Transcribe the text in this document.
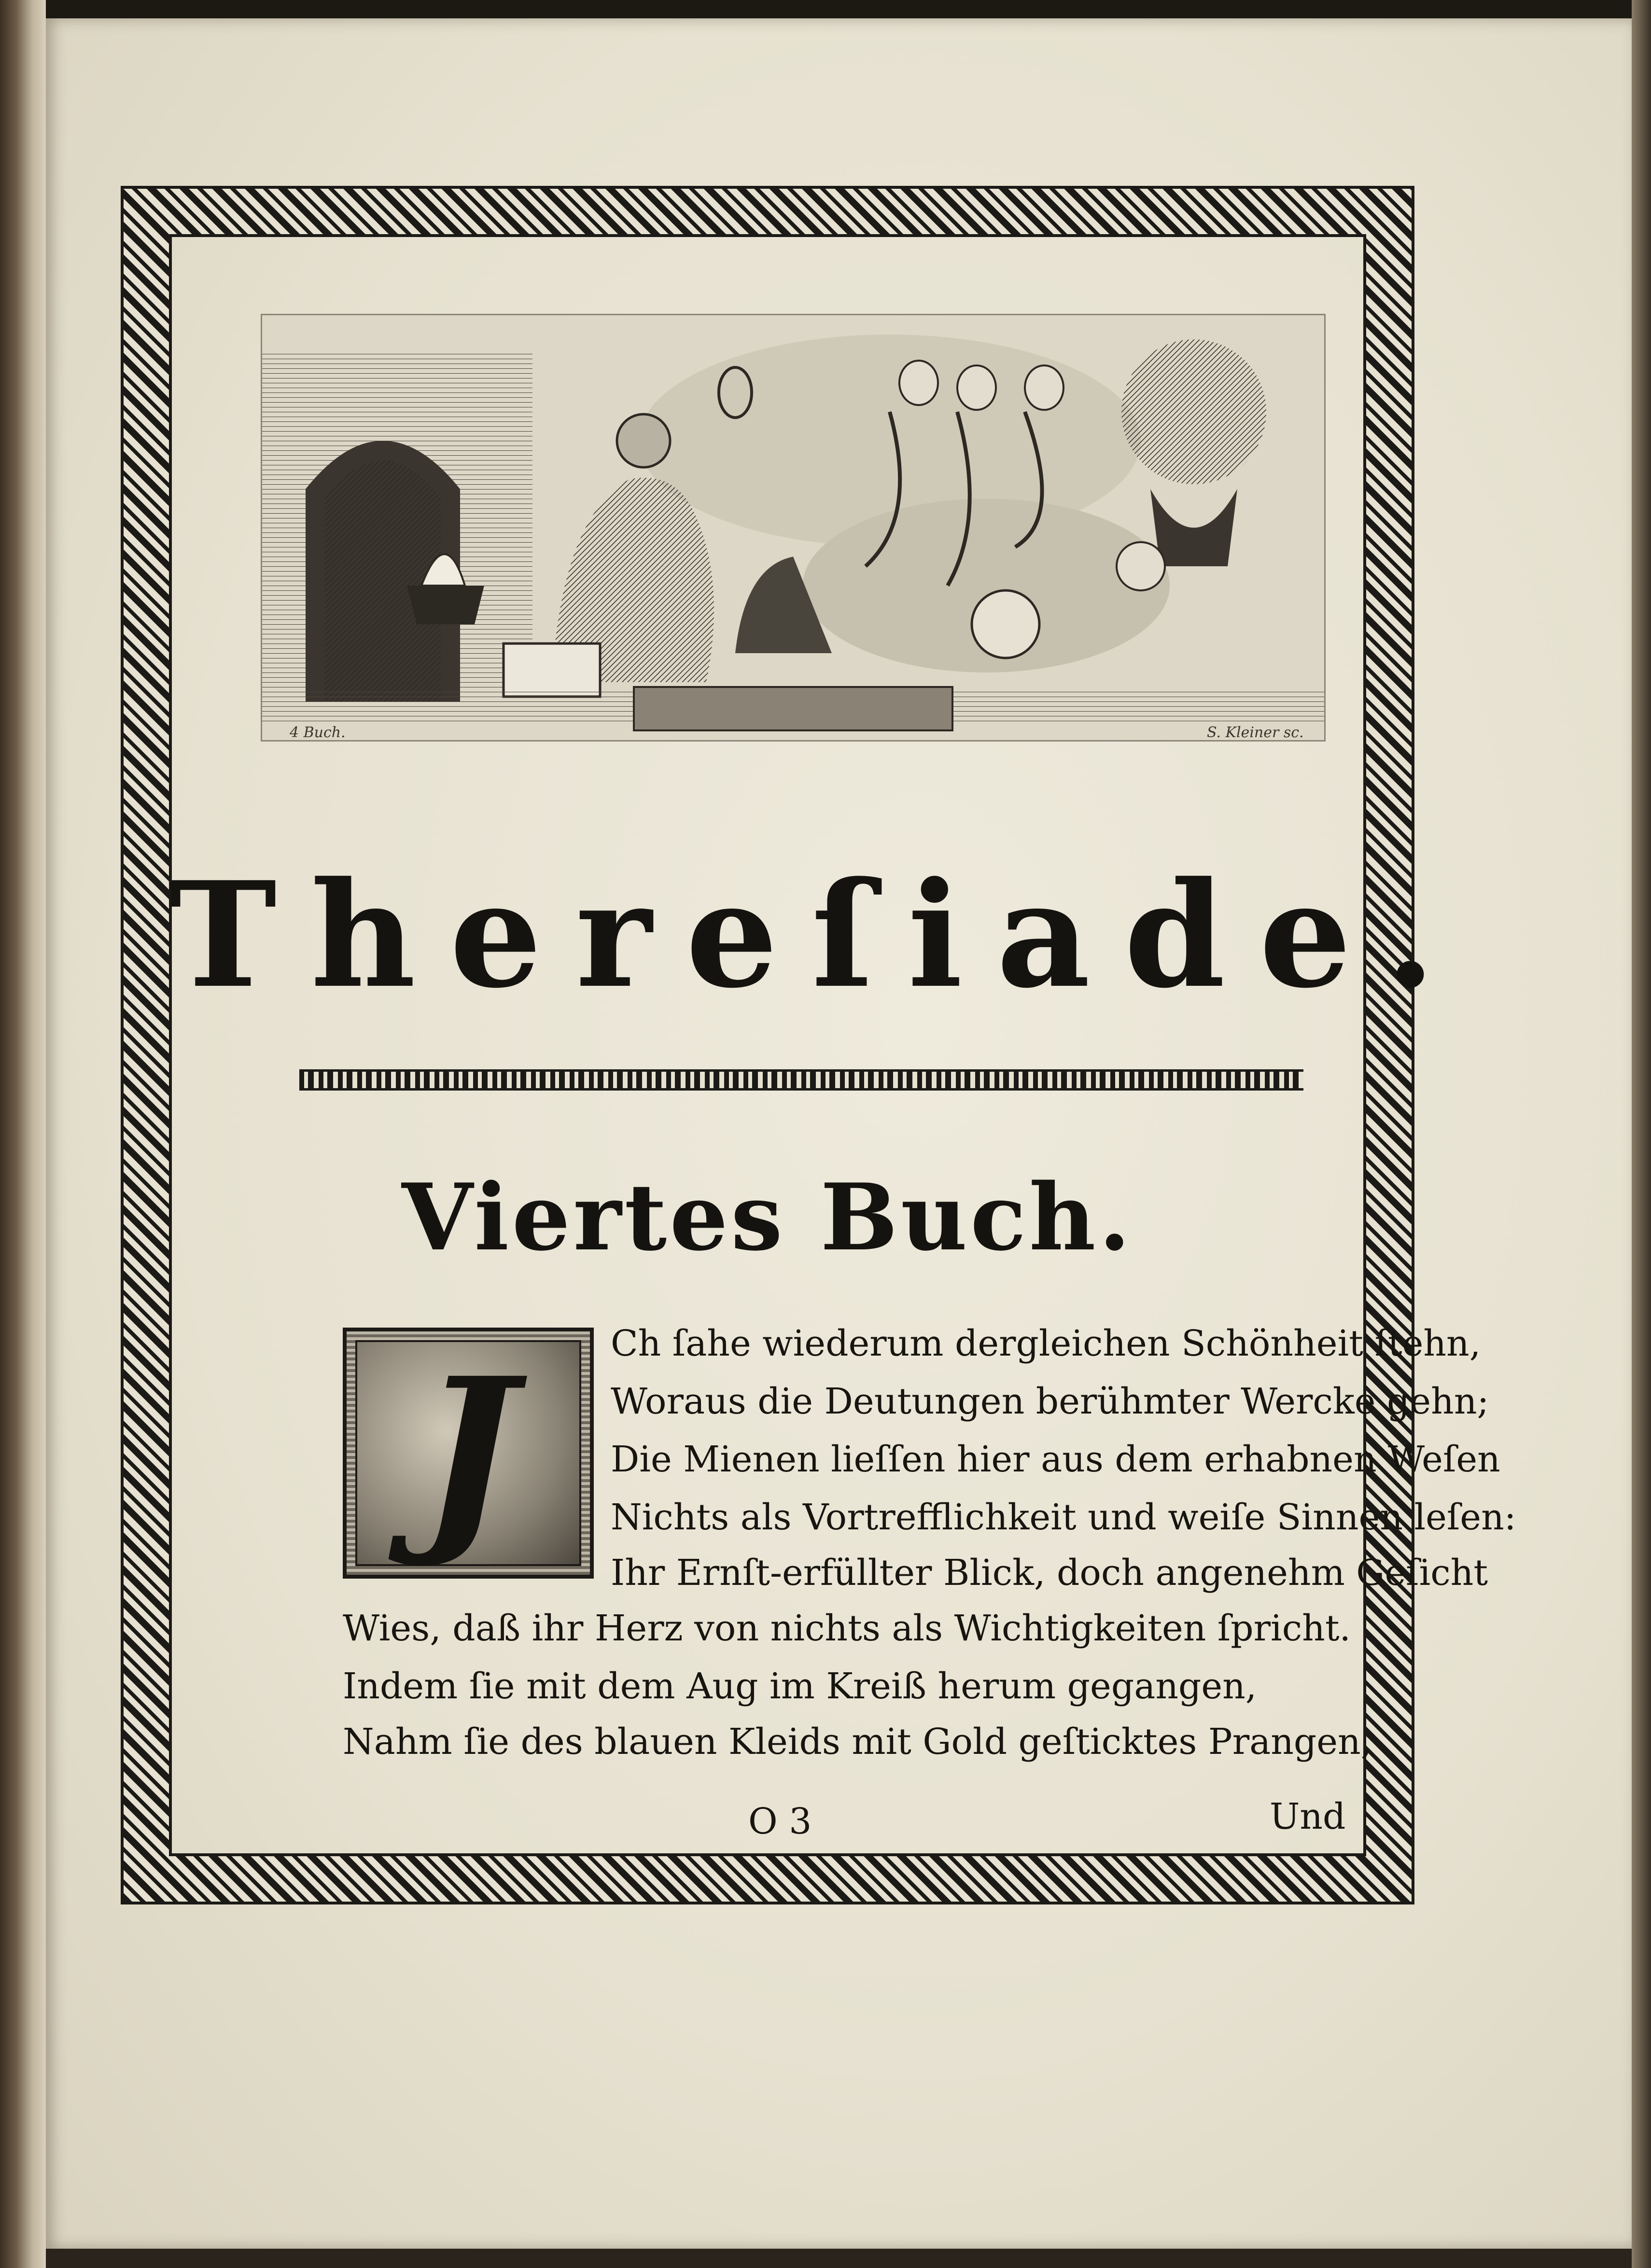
4 Buch.	S. Kleiner sc.
Thereſiade.
Viertes Buch.
J	Ch ſahe wiederum dergleichen Schönheit ſtehn,
Woraus die Deutungen berühmter Wercke gehn;
Die Mienen lieſſen hier aus dem erhabnen Weſen
Nichts als Vortrefflichkeit und weiſe Sinnen leſen:
Ihr Ernſt-erfüllter Blick, doch angenehm Geſicht
Wies, daß ihr Herz von nichts als Wichtigkeiten ſpricht.
Indem ſie mit dem Aug im Kreiß herum gegangen,
Nahm ſie des blauen Kleids mit Gold geſticktes Prangen,
O 3	Und
